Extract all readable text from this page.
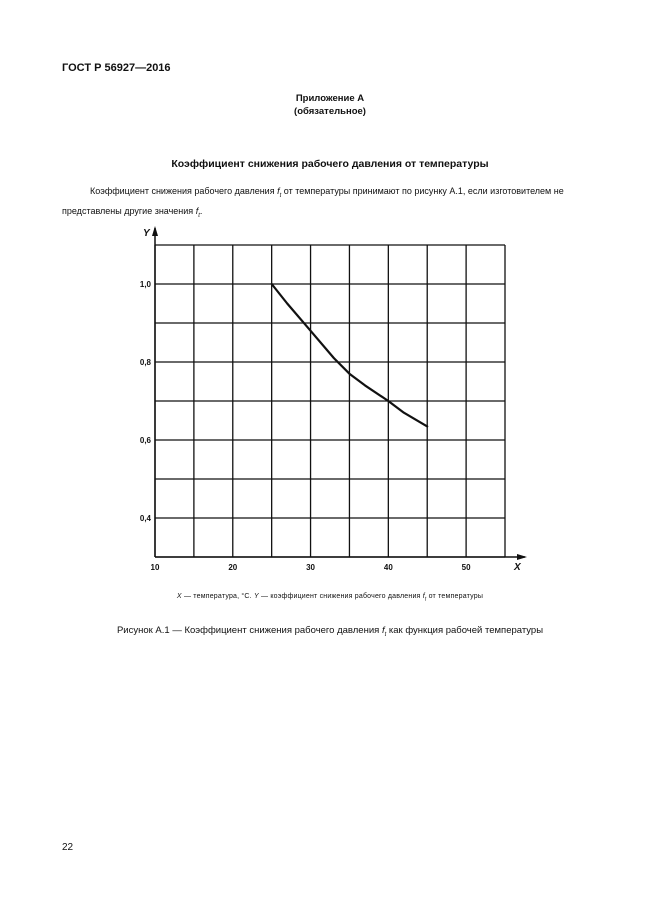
ГОСТ Р 56927—2016
Приложение А
(обязательное)
Коэффициент снижения рабочего давления от температуры
Коэффициент снижения рабочего давления $f_t$ от температуры принимают по рисунку А.1, если изготовителем не представлены другие значения $f_t$.
Y
X
10	20	30	40	50
1,0
0,8
0,6
0,4
X — температура, °С. Y — коэффициент снижения рабочего давления $f_t$ от температуры
Рисунок А.1 — Коэффициент снижения рабочего давления $f_t$ как функция рабочей температуры
22
